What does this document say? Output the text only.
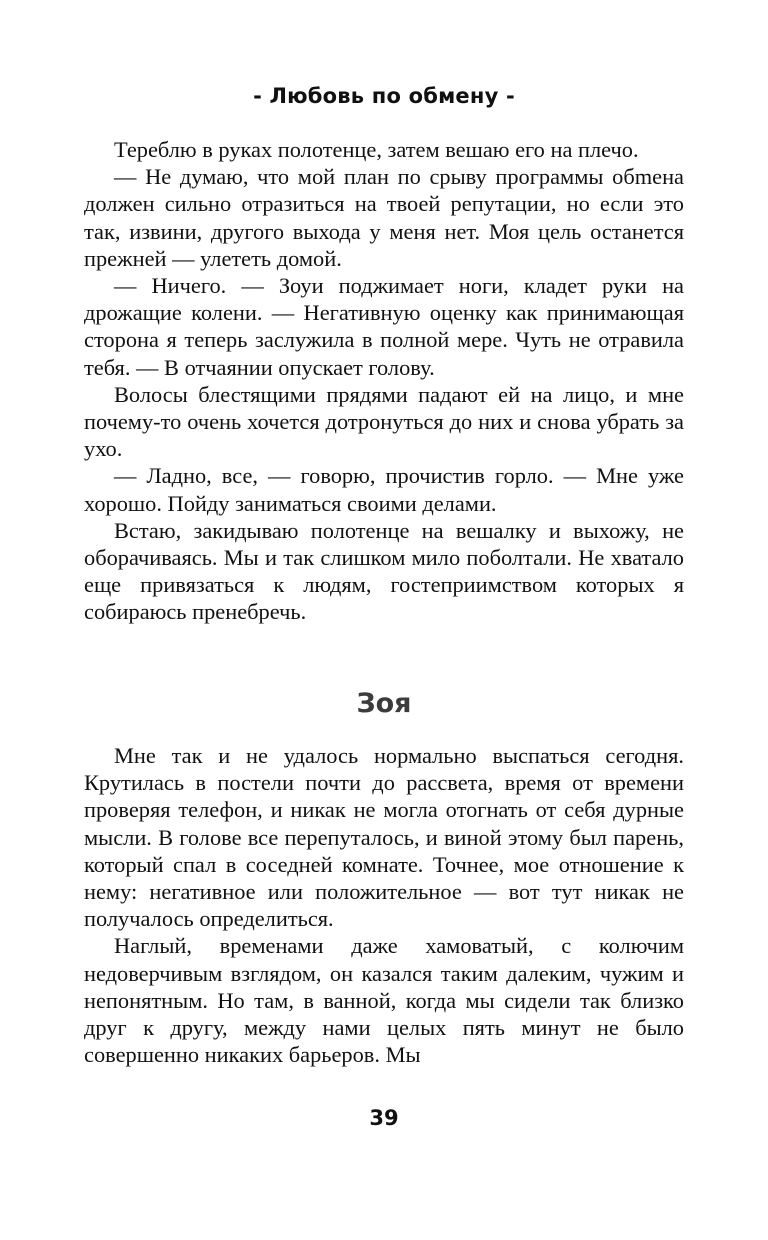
- Любовь по обмену -

Тереблю в руках полотенце, затем вешаю его на плечо.

— Не думаю, что мой план по срыву программы обmена должен сильно отразиться на твоей репутации, но если это так, извини, другого выхода у меня нет. Моя цель останется прежней — улететь домой.

— Ничего. — Зоуи поджимает ноги, кладет руки на дрожащие колени. — Негативную оценку как принимающая сторона я теперь заслужила в полной мере. Чуть не отравила тебя. — В отчаянии опускает голову.

Волосы блестящими прядями падают ей на лицо, и мне почему-то очень хочется дотронуться до них и снова убрать за ухо.

— Ладно, все, — говорю, прочистив горло. — Мне уже хорошо. Пойду заниматься своими делами.

Встаю, закидываю полотенце на вешалку и выхожу, не оборачиваясь. Мы и так слишком мило поболтали. Не хватало еще привязаться к людям, гостеприимством которых я собираюсь пренебречь.

Зоя

Мне так и не удалось нормально выспаться сегодня. Крутилась в постели почти до рассвета, время от времени проверяя телефон, и никак не могла отогнать от себя дурные мысли. В голове все перепуталось, и виной этому был парень, который спал в соседней комнате. Точнее, мое отношение к нему: негативное или положительное — вот тут никак не получалось определиться.

Наглый, временами даже хамоватый, с колючим недоверчивым взглядом, он казался таким далеким, чужим и непонятным. Но там, в ванной, когда мы сидели так близко друг к другу, между нами целых пять минут не было совершенно никаких барьеров. Мы

39
